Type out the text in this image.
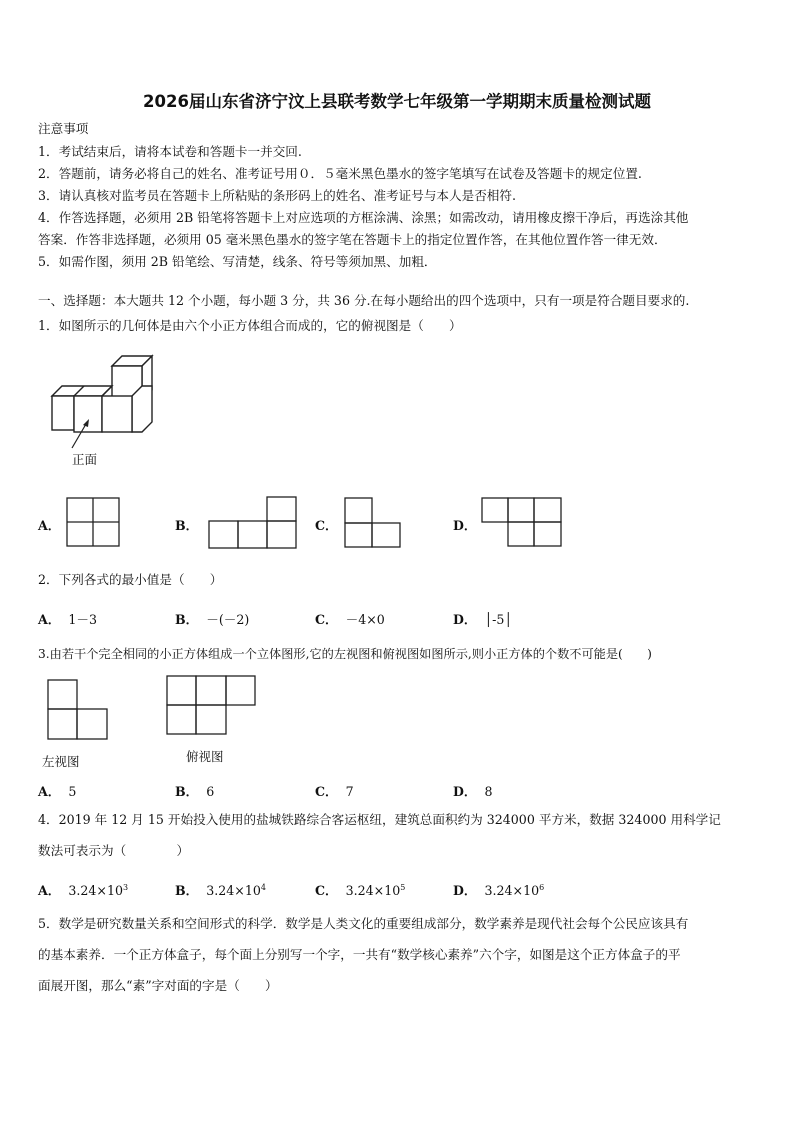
2026届山东省济宁汶上县联考数学七年级第一学期期末质量检测试题
注意事项
1．考试结束后，请将本试卷和答题卡一并交回.
2．答题前，请务必将自己的姓名、准考证号用０．５毫米黑色墨水的签字笔填写在试卷及答题卡的规定位置.
3．请认真核对监考员在答题卡上所粘贴的条形码上的姓名、准考证号与本人是否相符.
4．作答选择题，必须用 2B 铅笔将答题卡上对应选项的方框涂满、涂黑；如需改动，请用橡皮擦干净后，再选涂其他
答案．作答非选择题，必须用 05 毫米黑色墨水的签字笔在答题卡上的指定位置作答，在其他位置作答一律无效．
5．如需作图，须用 2B 铅笔绘、写清楚，线条、符号等须加黑、加粗．
一、选择题：本大题共 12 个小题，每小题 3 分，共 36 分.在每小题给出的四个选项中，只有一项是符合题目要求的.
1．如图所示的几何体是由六个小正方体组合而成的，它的俯视图是（　　）
正面
A．	B．	C．	D．
2．下列各式的最小值是（　　）
A． 1－3	B． －(－2)	C． －4×0	D． │-5│
3.由若干个完全相同的小正方体组成一个立体图形,它的左视图和俯视图如图所示,则小正方体的个数不可能是(　　)
左视图	俯视图
A． 5	B． 6	C． 7	D． 8
4．2019 年 12 月 15 开始投入使用的盐城铁路综合客运枢纽，建筑总面积约为 324000 平方米，数据 324000 用科学记
数法可表示为（　　　　）
A． $3.24\times 10^3$	B． $3.24\times 10^4$	C． $3.24\times 10^5$	D． $3.24\times 10^6$
5．数学是研究数量关系和空间形式的科学．数学是人类文化的重要组成部分，数学素养是现代社会每个公民应该具有
的基本素养．一个正方体盒子，每个面上分别写一个字，一共有“数学核心素养”六个字，如图是这个正方体盒子的平
面展开图，那么“素”字对面的字是（　　）
